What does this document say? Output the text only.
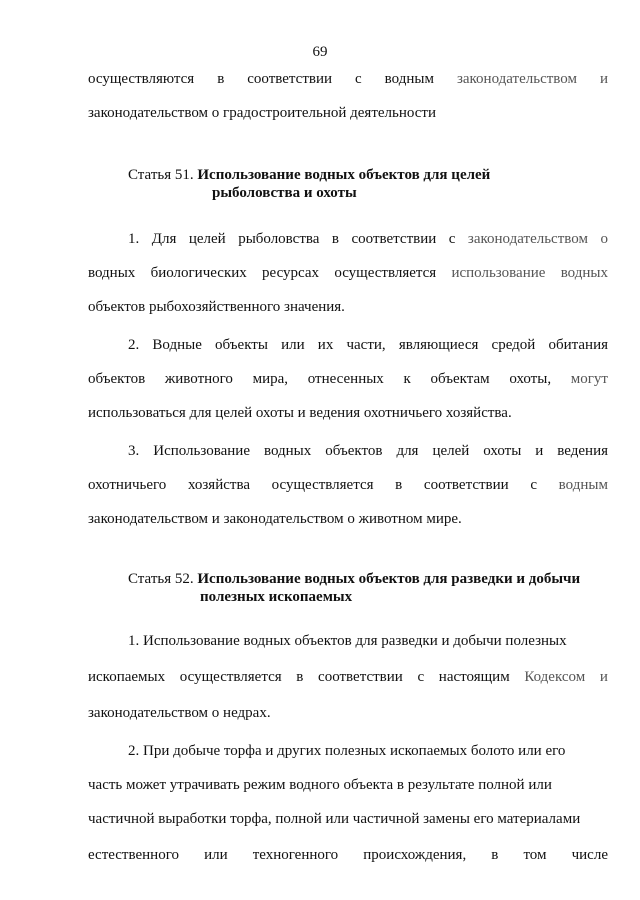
69
осуществляются в соответствии с водным законодательством и
законодательством о градостроительной деятельности
Статья 51. Использование водных объектов для целей
рыболовства и охоты
1. Для целей рыболовства в соответствии с законодательством о
водных биологических ресурсах осуществляется использование водных
объектов рыбохозяйственного значения.
2. Водные объекты или их части, являющиеся средой обитания
объектов животного мира, отнесенных к объектам охоты, могут
использоваться для целей охоты и ведения охотничьего хозяйства.
3. Использование водных объектов для целей охоты и ведения
охотничьего хозяйства осуществляется в соответствии с водным
законодательством и законодательством о животном мире.
Статья 52. Использование водных объектов для разведки и добычи
полезных ископаемых
1. Использование водных объектов для разведки и добычи полезных
ископаемых осуществляется в соответствии с настоящим Кодексом и
законодательством о недрах.
2. При добыче торфа и других полезных ископаемых болото или его
часть может утрачивать режим водного объекта в результате полной или
частичной выработки торфа, полной или частичной замены его материалами
естественного или техногенного происхождения, в том числе
